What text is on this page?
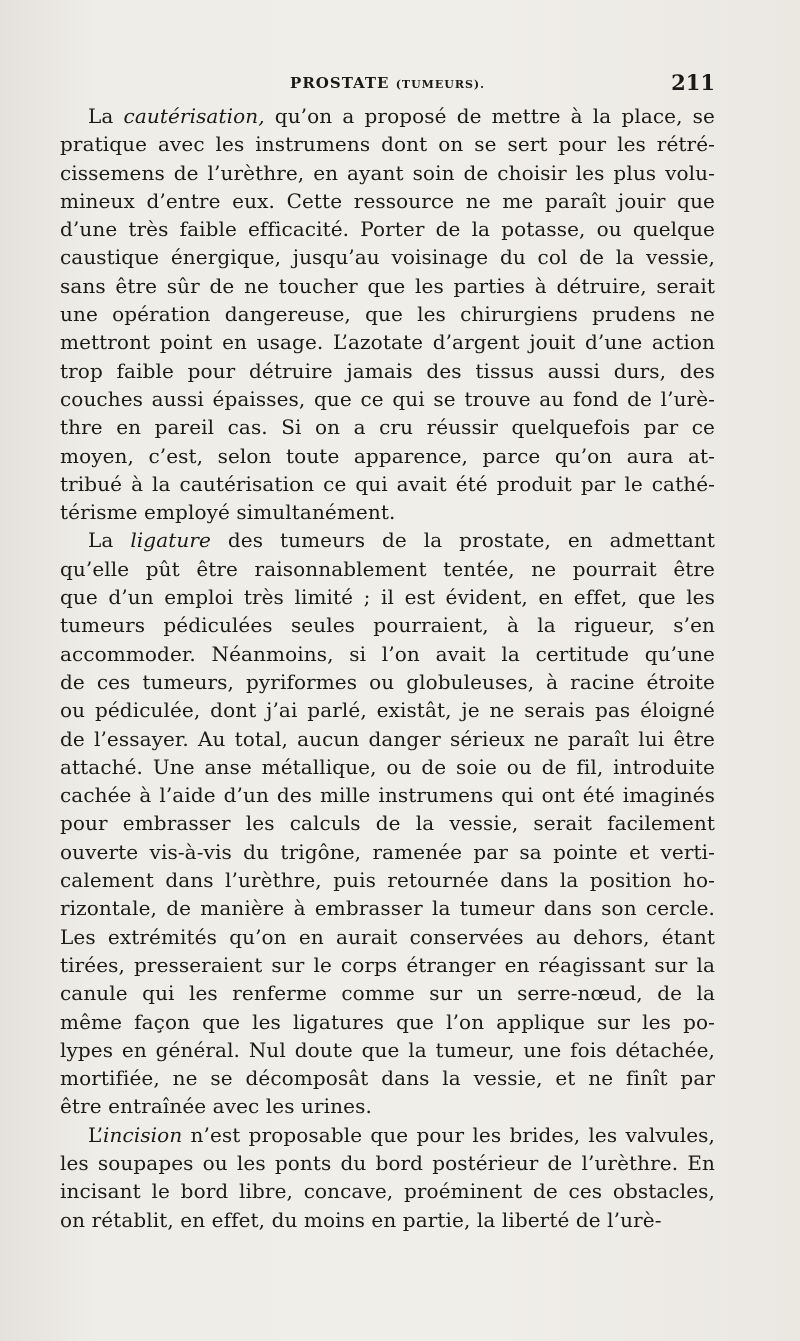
PROSTATE (TUMEURS).	211
La cautérisation, qu’on a proposé de mettre à la place, se
pratique avec les instrumens dont on se sert pour les rétré-
cissemens de l’urèthre, en ayant soin de choisir les plus volu-
mineux d’entre eux. Cette ressource ne me paraît jouir que
d’une très faible efficacité. Porter de la potasse, ou quelque
caustique énergique, jusqu’au voisinage du col de la vessie,
sans être sûr de ne toucher que les parties à détruire, serait
une opération dangereuse, que les chirurgiens prudens ne
mettront point en usage. L’azotate d’argent jouit d’une action
trop faible pour détruire jamais des tissus aussi durs, des
couches aussi épaisses, que ce qui se trouve au fond de l’urè-
thre en pareil cas. Si on a cru réussir quelquefois par ce
moyen, c’est, selon toute apparence, parce qu’on aura at-
tribué à la cautérisation ce qui avait été produit par le cathé-
térisme employé simultanément.
La ligature des tumeurs de la prostate, en admettant
qu’elle pût être raisonnablement tentée, ne pourrait être
que d’un emploi très limité ; il est évident, en effet, que les
tumeurs pédiculées seules pourraient, à la rigueur, s’en
accommoder. Néanmoins, si l’on avait la certitude qu’une
de ces tumeurs, pyriformes ou globuleuses, à racine étroite
ou pédiculée, dont j’ai parlé, existât, je ne serais pas éloigné
de l’essayer. Au total, aucun danger sérieux ne paraît lui être
attaché. Une anse métallique, ou de soie ou de fil, introduite
cachée à l’aide d’un des mille instrumens qui ont été imaginés
pour embrasser les calculs de la vessie, serait facilement
ouverte vis-à-vis du trigône, ramenée par sa pointe et verti-
calement dans l’urèthre, puis retournée dans la position ho-
rizontale, de manière à embrasser la tumeur dans son cercle.
Les extrémités qu’on en aurait conservées au dehors, étant
tirées, presseraient sur le corps étranger en réagissant sur la
canule qui les renferme comme sur un serre-nœud, de la
même façon que les ligatures que l’on applique sur les po-
lypes en général. Nul doute que la tumeur, une fois détachée,
mortifiée, ne se décomposât dans la vessie, et ne finît par
être entraînée avec les urines.
L’incision n’est proposable que pour les brides, les valvules,
les soupapes ou les ponts du bord postérieur de l’urèthre. En
incisant le bord libre, concave, proéminent de ces obstacles,
on rétablit, en effet, du moins en partie, la liberté de l’urè-
